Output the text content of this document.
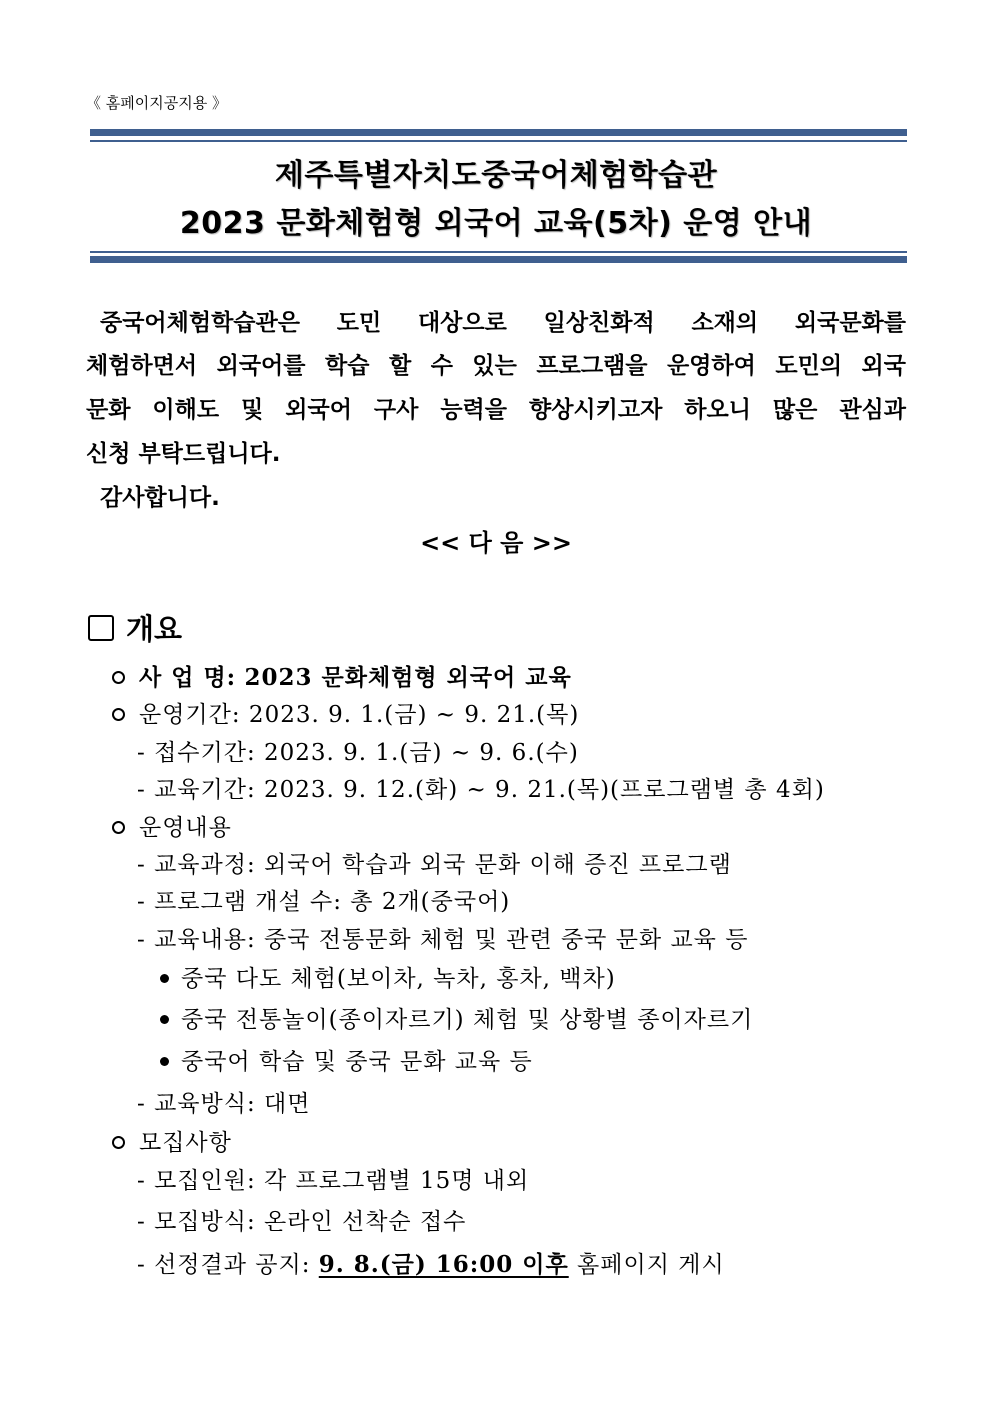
《 홈페이지공지용 》
제주특별자치도중국어체험학습관
2023 문화체험형 외국어 교육(5차) 운영 안내
중국어체험학습관은 도민 대상으로 일상친화적 소재의 외국문화를
체험하면서 외국어를 학습 할 수 있는 프로그램을 운영하여 도민의 외국
문화 이해도 및 외국어 구사 능력을 향상시키고자 하오니 많은 관심과
신청 부탁드립니다.
감사합니다.
<< 다 음 >>
개요
사 업 명: 2023 문화체험형 외국어 교육
운영기간: 2023. 9. 1.(금) ~ 9. 21.(목)
- 접수기간: 2023. 9. 1.(금) ~ 9. 6.(수)
- 교육기간: 2023. 9. 12.(화) ~ 9. 21.(목)(프로그램별 총 4회)
운영내용
- 교육과정: 외국어 학습과 외국 문화 이해 증진 프로그램
- 프로그램 개설 수: 총 2개(중국어)
- 교육내용: 중국 전통문화 체험 및 관련 중국 문화 교육 등
중국 다도 체험(보이차, 녹차, 홍차, 백차)
중국 전통놀이(종이자르기) 체험 및 상황별 종이자르기
중국어 학습 및 중국 문화 교육 등
- 교육방식: 대면
모집사항
- 모집인원: 각 프로그램별 15명 내외
- 모집방식: 온라인 선착순 접수
- 선정결과 공지: 9. 8.(금) 16:00 이후 홈페이지 게시
